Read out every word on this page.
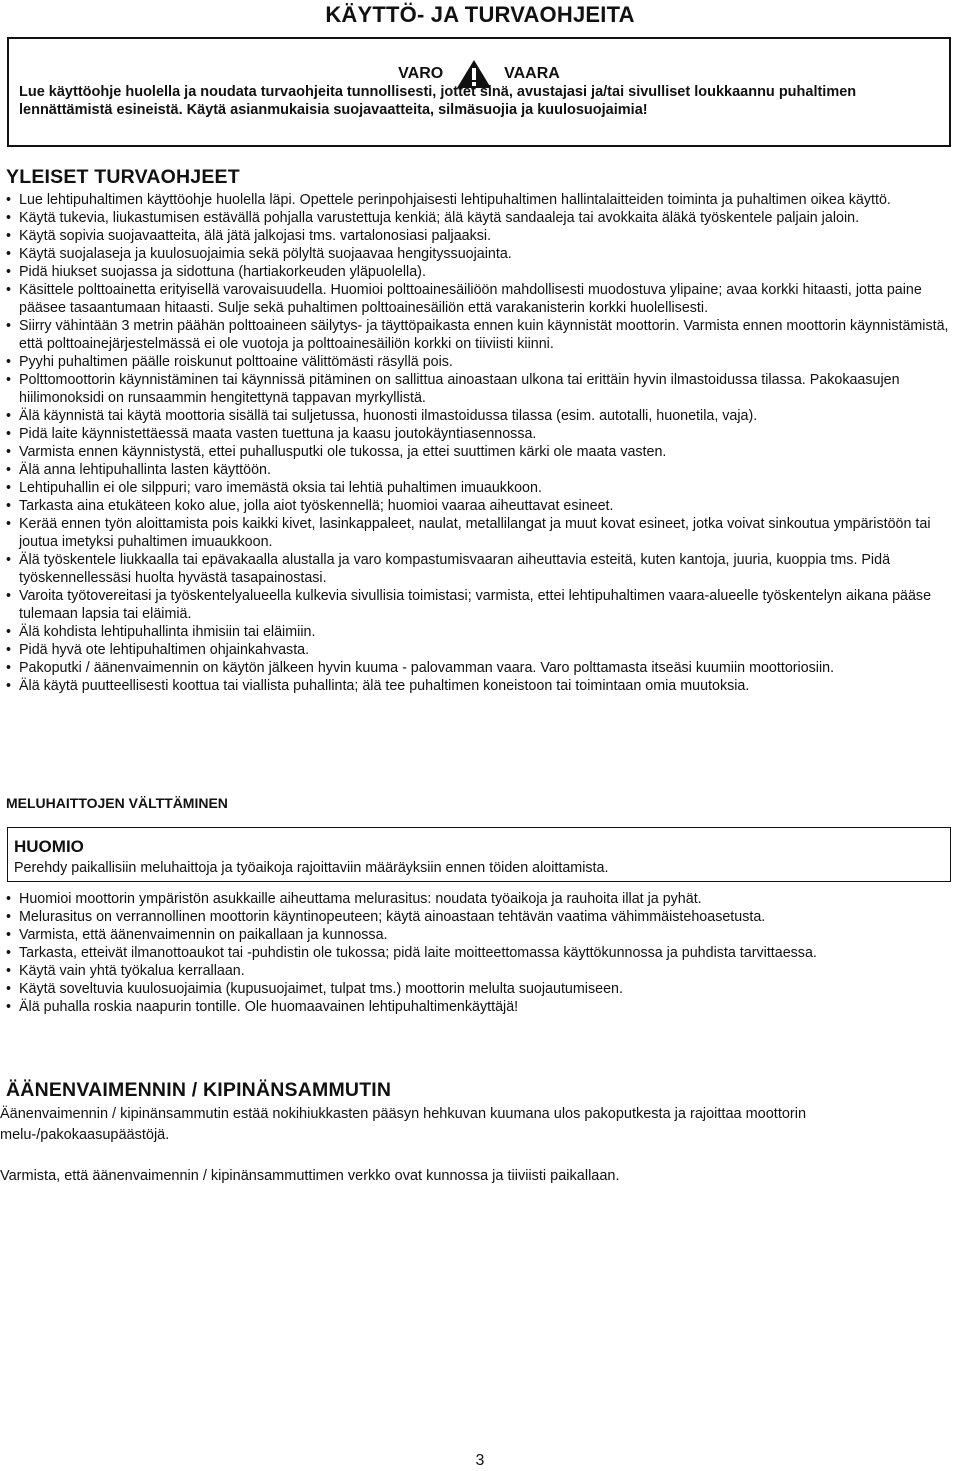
KÄYTTÖ- JA TURVAOHJEITA
VARO	VAARA
Lue käyttöohje huolella ja noudata turvaohjeita tunnollisesti, jottet sinä, avustajasi ja/tai sivulliset loukkaannu puhaltimen lennättämistä esineistä. Käytä asianmukaisia suojavaatteita, silmäsuojia ja kuulosuojaimia!
YLEISET TURVAOHJEET
• Lue lehtipuhaltimen käyttöohje huolella läpi. Opettele perinpohjaisesti lehtipuhaltimen hallintalaitteiden toiminta ja puhaltimen oikea käyttö.
• Käytä tukevia, liukastumisen estävällä pohjalla varustettuja kenkiä; älä käytä sandaaleja tai avokkaita äläkä työskentele paljain jaloin.
• Käytä sopivia suojavaatteita, älä jätä jalkojasi tms. vartalonosiasi paljaaksi.
• Käytä suojalaseja ja kuulosuojaimia sekä pölyltä suojaavaa hengityssuojainta.
• Pidä hiukset suojassa ja sidottuna (hartiakorkeuden yläpuolella).
• Käsittele polttoainetta erityisellä varovaisuudella. Huomioi polttoainesäiliöön mahdollisesti muodostuva ylipaine; avaa korkki hitaasti, jotta paine pääsee tasaantumaan hitaasti. Sulje sekä puhaltimen polttoainesäiliön että varakanisterin korkki huolellisesti.
• Siirry vähintään 3 metrin päähän polttoaineen säilytys- ja täyttöpaikasta ennen kuin käynnistät moottorin. Varmista ennen moottorin käynnistämistä, että polttoainejärjestelmässä ei ole vuotoja ja polttoainesäiliön korkki on tiiviisti kiinni.
• Pyyhi puhaltimen päälle roiskunut polttoaine välittömästi räsyllä pois.
• Polttomoottorin käynnistäminen tai käynnissä pitäminen on sallittua ainoastaan ulkona tai erittäin hyvin ilmastoidussa tilassa. Pakokaasujen hiilimonoksidi on runsaammin hengitettynä tappavan myrkyllistä.
• Älä käynnistä tai käytä moottoria sisällä tai suljetussa, huonosti ilmastoidussa tilassa (esim. autotalli, huonetila, vaja).
• Pidä laite käynnistettäessä maata vasten tuettuna ja kaasu joutokäyntiasennossa.
• Varmista ennen käynnistystä, ettei puhallusputki ole tukossa, ja ettei suuttimen kärki ole maata vasten.
• Älä anna lehtipuhallinta lasten käyttöön.
• Lehtipuhallin ei ole silppuri; varo imemästä oksia tai lehtiä puhaltimen imuaukkoon.
• Tarkasta aina etukäteen koko alue, jolla aiot työskennellä; huomioi vaaraa aiheuttavat esineet.
• Kerää ennen työn aloittamista pois kaikki kivet, lasinkappaleet, naulat, metallilangat ja muut kovat esineet, jotka voivat sinkoutua ympäristöön tai joutua imetyksi puhaltimen imuaukkoon.
• Älä työskentele liukkaalla tai epävakaalla alustalla ja varo kompastumisvaaran aiheuttavia esteitä, kuten kantoja, juuria, kuoppia tms. Pidä työskennellessäsi huolta hyvästä tasapainostasi.
• Varoita työtovereitasi ja työskentelyalueella kulkevia sivullisia toimistasi; varmista, ettei lehtipuhaltimen vaara-alueelle työskentelyn aikana pääse tulemaan lapsia tai eläimiä.
• Älä kohdista lehtipuhallinta ihmisiin tai eläimiin.
• Pidä hyvä ote lehtipuhaltimen ohjainkahvasta.
• Pakoputki / äänenvaimennin on käytön jälkeen hyvin kuuma - palovamman vaara. Varo polttamasta itseäsi kuumiin moottoriosiin.
• Älä käytä puutteellisesti koottua tai viallista puhallinta; älä tee puhaltimen koneistoon tai toimintaan omia muutoksia.
MELUHAITTOJEN VÄLTTÄMINEN
HUOMIO
Perehdy paikallisiin meluhaittoja ja työaikoja rajoittaviin määräyksiin ennen töiden aloittamista.
• Huomioi moottorin ympäristön asukkaille aiheuttama melurasitus: noudata työaikoja ja rauhoita illat ja pyhät.
• Melurasitus on verrannollinen moottorin käyntinopeuteen; käytä ainoastaan tehtävän vaatima vähimmäistehoasetusta.
• Varmista, että äänenvaimennin on paikallaan ja kunnossa.
• Tarkasta, etteivät ilmanottoaukot tai -puhdistin ole tukossa; pidä laite moitteettomassa käyttökunnossa ja puhdista tarvittaessa.
• Käytä vain yhtä työkalua kerrallaan.
• Käytä soveltuvia kuulosuojaimia (kupusuojaimet, tulpat tms.) moottorin melulta suojautumiseen.
• Älä puhalla roskia naapurin tontille. Ole huomaavainen lehtipuhaltimenkäyttäjä!
ÄÄNENVAIMENNIN / KIPINÄNSAMMUTIN

Äänenvaimennin / kipinänsammutin estää nokihiukkasten pääsyn hehkuvan kuumana ulos pakoputkesta ja rajoittaa moottorin melu-/pakokaasupäästöjä.

Varmista, että äänenvaimennin / kipinänsammuttimen verkko ovat kunnossa ja tiiviisti paikallaan.

3
